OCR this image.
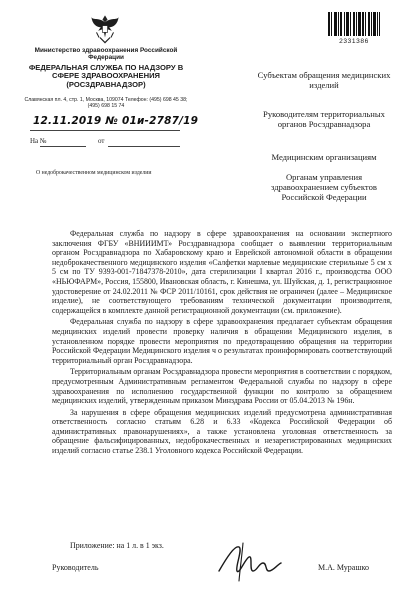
Министерство здравоохранения Российской Федерации
ФЕДЕРАЛЬНАЯ СЛУЖБА ПО НАДЗОРУ В СФЕРЕ ЗДРАВООХРАНЕНИЯ (РОСЗДРАВНАДЗОР)
Славянская пл. 4, стр. 1, Москва, 109074 Телефон: (495) 698 45 38; (495) 698 15 74
12.11.2019 № 01и-2787/19
На №	от
О недоброкачественном медицинском изделии
2331386
Субъектам обращения медицинских изделий
Руководителям территориальных органов Росздравнадзора
Медицинским организациям
Органам управления здравоохранением субъектов Российской Федерации

Федеральная служба по надзору в сфере здравоохранения на основании экспертного заключения ФГБУ «ВНИИИМТ» Росздравнадзора сообщает о выявлении территориальным органом Росздравнадзора по Хабаровскому краю и Еврейской автономной области в обращении недоброкачественного медицинского изделия «Салфетки марлевые медицинские стерильные 5 см х 5 см по ТУ 9393-001-71847378-2010», дата стерилизации I квартал 2016 г., производства ООО «НЬЮФАРМ», Россия, 155800, Ивановская область, г. Кинешма, ул. Шуйская, д. 1, регистрационное удостоверение от 24.02.2011 № ФСР 2011/10161, срок действия не ограничен (далее – Медицинское изделие), не соответствующего требованиям технической документации производителя, содержащейся в комплекте данной регистрационной документации (см. приложение).

Федеральная служба по надзору в сфере здравоохранения предлагает субъектам обращения медицинских изделий провести проверку наличия в обращении Медицинского изделия, в установленном порядке провести мероприятия по предотвращению обращения на территории Российской Федерации Медицинского изделия ч о результатах проинформировать соответствующий территориальный орган Росздравнадзора.

Территориальным органам Росздравнадзора провести мероприятия в соответствии с порядком, предусмотренным Административным регламентом Федеральной службы по надзору в сфере здравоохранения по исполнению государственной функции по контролю за обращением медицинских изделий, утвержденным приказом Минздрава России от 05.04.2013 № 196н.

За нарушения в сфере обращения медицинских изделий предусмотрена административная ответственность согласно статьям 6.28 и 6.33 «Кодекса Российской Федерации об административных правонарушениях», а также установлена уголовная ответственность за обращение фальсифицированных, недоброкачественных и незарегистрированных медицинских изделий согласно статье 238.1 Уголовного кодекса Российской Федерации.

Приложение: на 1 л. в 1 экз.
Руководитель	М.А. Мурашко
